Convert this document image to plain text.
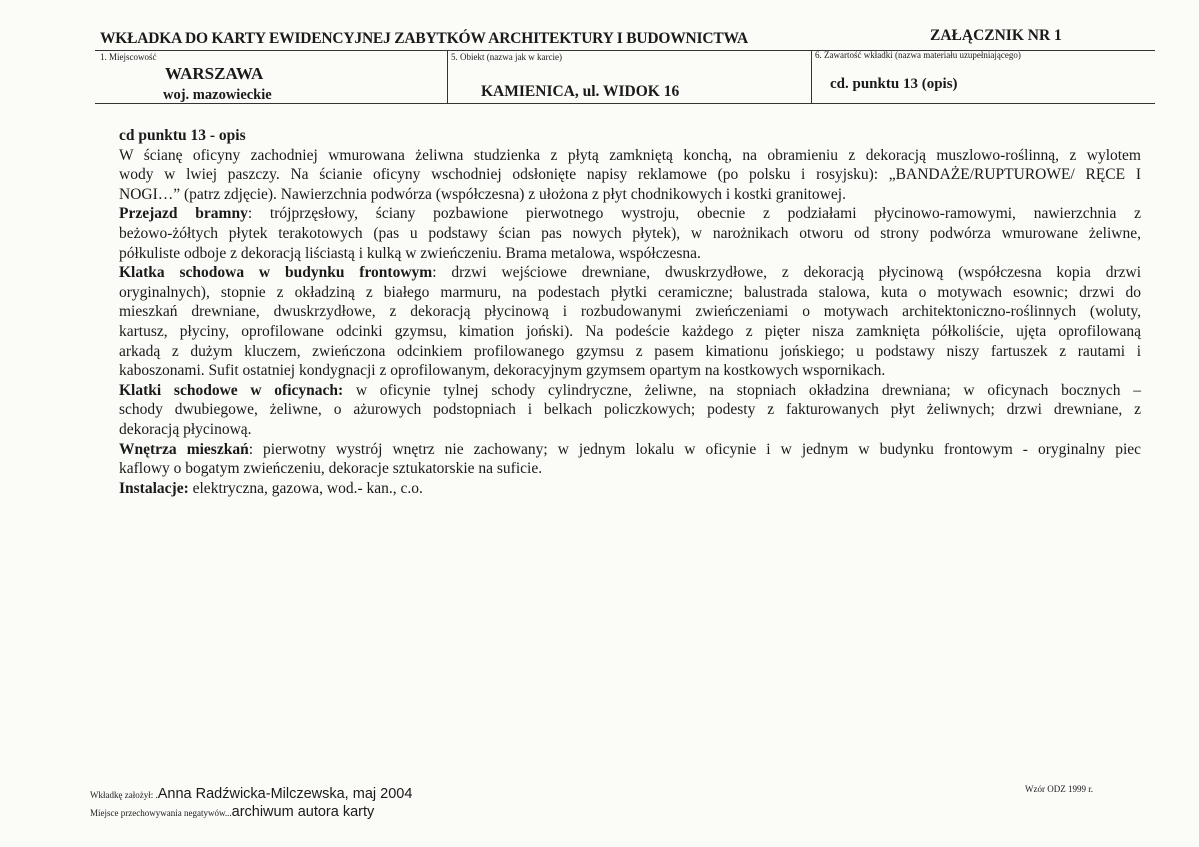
WKŁADKA DO KARTY EWIDENCYJNEJ ZABYTKÓW ARCHITEKTURY I BUDOWNICTWA	ZAŁĄCZNIK NR 1
1. Miejscowość
WARSZAWA
woj. mazowieckie
5. Obiekt (nazwa jak w karcie)
KAMIENICA, ul. WIDOK 16
6. Zawartość wkładki (nazwa materiału uzupełniającego)
cd. punktu 13 (opis)
cd punktu 13 - opis
W ścianę oficyny zachodniej wmurowana żeliwna studzienka z płytą zamkniętą konchą, na obramieniu z dekoracją muszlowo-roślinną, z wylotem
wody w lwiej paszczy. Na ścianie oficyny wschodniej odsłonięte napisy reklamowe (po polsku i rosyjsku): „BANDAŻE/RUPTUROWE/ RĘCE I
NOGI…” (patrz zdjęcie). Nawierzchnia podwórza (współczesna) z ułożona z płyt chodnikowych i kostki granitowej.
Przejazd bramny: trójprzęsłowy, ściany pozbawione pierwotnego wystroju, obecnie z podziałami płycinowo-ramowymi, nawierzchnia z
beżowo-żółtych płytek terakotowych (pas u podstawy ścian pas nowych płytek), w narożnikach otworu od strony podwórza wmurowane żeliwne,
półkuliste odboje z dekoracją liściastą i kulką w zwieńczeniu. Brama metalowa, współczesna.
Klatka schodowa w budynku frontowym: drzwi wejściowe drewniane, dwuskrzydłowe, z dekoracją płycinową (współczesna kopia drzwi
oryginalnych), stopnie z okładziną z białego marmuru, na podestach płytki ceramiczne; balustrada stalowa, kuta o motywach esownic; drzwi do
mieszkań drewniane, dwuskrzydłowe, z dekoracją płycinową i rozbudowanymi zwieńczeniami o motywach architektoniczno-roślinnych (woluty,
kartusz, płyciny, oprofilowane odcinki gzymsu, kimation joński). Na podeście każdego z pięter nisza zamknięta półkoliście, ujęta oprofilowaną
arkadą z dużym kluczem, zwieńczona odcinkiem profilowanego gzymsu z pasem kimationu jońskiego; u podstawy niszy fartuszek z rautami i
kaboszonami. Sufit ostatniej kondygnacji z oprofilowanym, dekoracyjnym gzymsem opartym na kostkowych wspornikach.
Klatki schodowe w oficynach: w oficynie tylnej schody cylindryczne, żeliwne, na stopniach okładzina drewniana; w oficynach bocznych –
schody dwubiegowe, żeliwne, o ażurowych podstopniach i belkach policzkowych; podesty z fakturowanych płyt żeliwnych; drzwi drewniane, z
dekoracją płycinową.
Wnętrza mieszkań: pierwotny wystrój wnętrz nie zachowany; w jednym lokalu w oficynie i w jednym w budynku frontowym - oryginalny piec
kaflowy o bogatym zwieńczeniu, dekoracje sztukatorskie na suficie.
Instalacje: elektryczna, gazowa, wod.- kan., c.o.
Wkładkę założył: .Anna Radźwicka-Milczewska, maj 2004
Miejsce przechowywania negatywów...archiwum autora karty
Wzór ODZ 1999 r.
